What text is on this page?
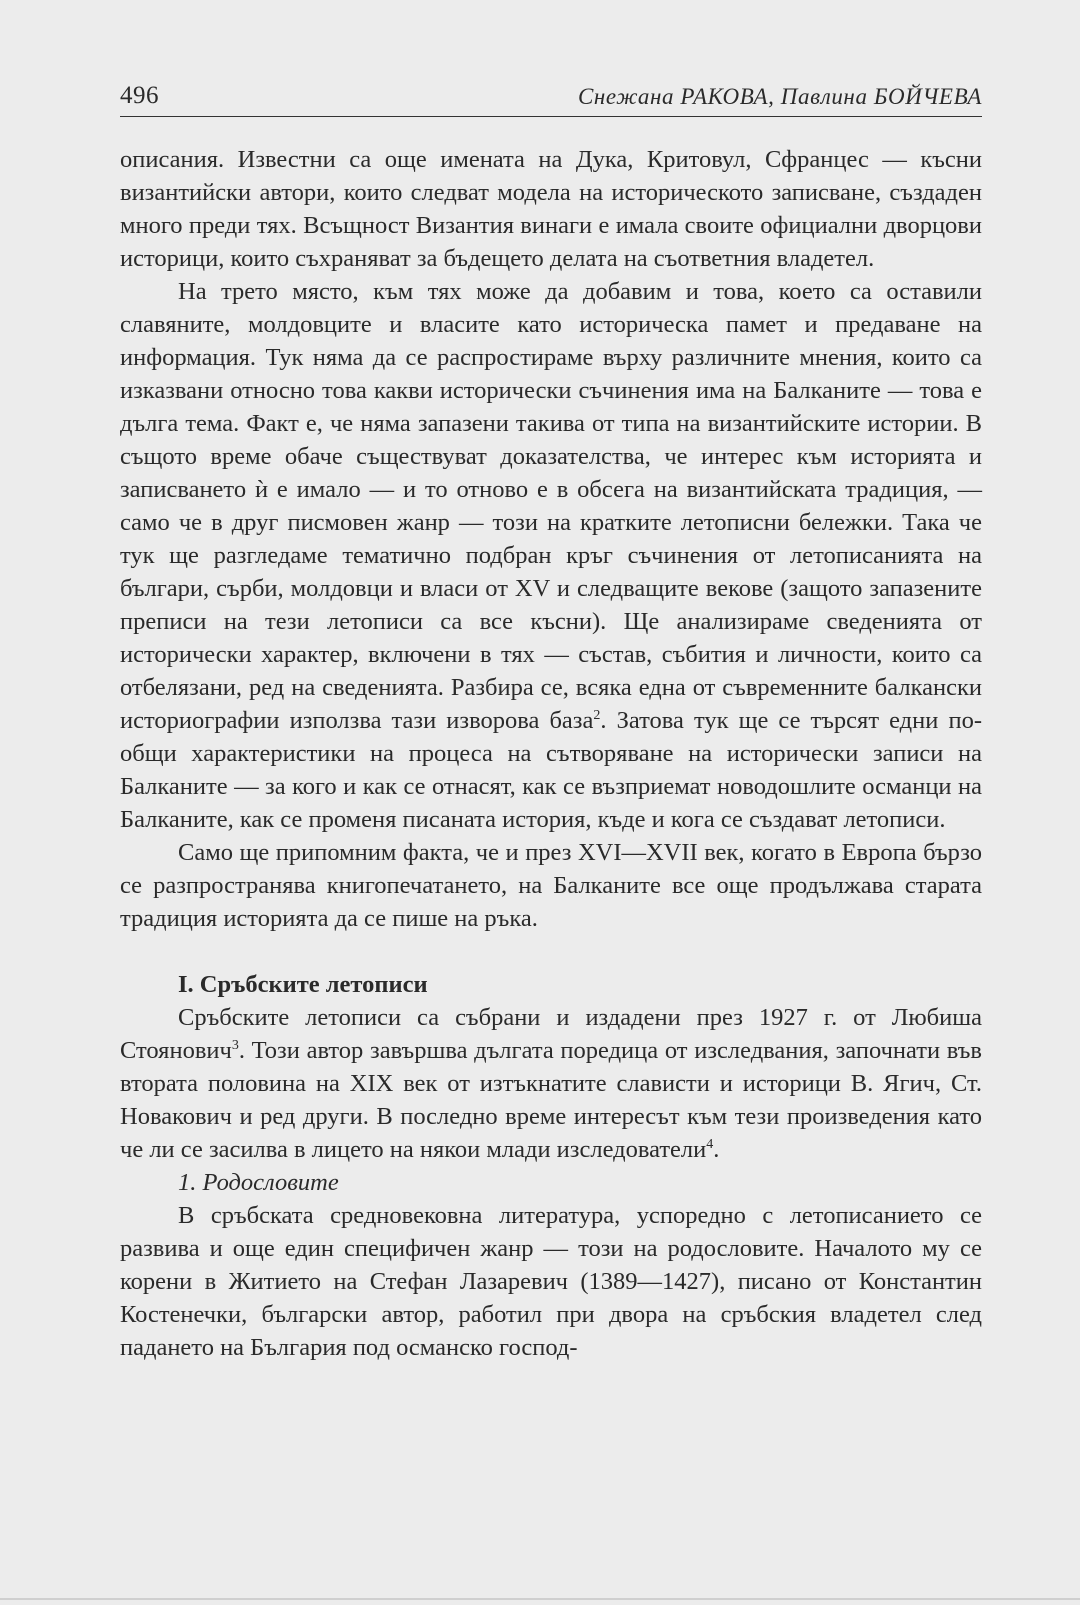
496	Снежана РАКОВА, Павлина БОЙЧЕВА

описания. Известни са още имената на Дука, Критовул, Сфранцес — късни византийски автори, които следват модела на историческото записване, създаден много преди тях. Всъщност Византия винаги е имала своите официални дворцови историци, които съхраняват за бъдещето делата на съответния владетел.

На трето място, към тях може да добавим и това, което са оставили славяните, молдовците и власите като историческа памет и предаване на информация. Тук няма да се распростираме върху различните мнения, които са изказвани относно това какви исторически съчинения има на Балканите — това е дълга тема. Факт е, че няма запазени такива от типа на византийските истории. В същото време обаче съществуват доказателства, че интерес към историята и записването ѝ е имало — и то отново е в обсега на византийската традиция, — само че в друг писмовен жанр — този на кратките летописни бележки. Така че тук ще разгледаме тематично подбран кръг съчинения от летописанията на българи, сърби, молдовци и власи от XV и следващите векове (защото запазените преписи на тези летописи са все късни). Ще анализираме сведенията от исторически характер, включени в тях — състав, събития и личности, които са отбелязани, ред на сведенията. Разбира се, всяка една от съвременните балкански историографии използва тази изворова база$^2$. Затова тук ще се търсят едни по-общи характеристики на процеса на сътворяване на исторически записи на Балканите — за кого и как се отнасят, как се възприемат новодошлите османци на Балканите, как се променя писаната история, къде и кога се създават летописи.

Само ще припомним факта, че и през XVI—XVII век, когато в Европа бързо се разпространява книгопечатането, на Балканите все още продължава старата традиция историята да се пише на ръка.

I. Сръбските летописи

Сръбските летописи са събрани и издадени през 1927 г. от Любиша Стоянович$^3$. Този автор завършва дългата поредица от изследвания, започнати във втората половина на XIX век от изтъкнатите слависти и историци В. Ягич, Ст. Новакович и ред други. В последно време интересът към тези произведения като че ли се засилва в лицето на някои млади изследователи$^4$.

1. Родословите

В сръбската средновековна литература, успоредно с летописанието се развива и още един специфичен жанр — този на родословите. Началото му се корени в Житието на Стефан Лазаревич (1389—1427), писано от Константин Костенечки, български автор, работил при двора на сръбския владетел след падането на България под османско господ-
